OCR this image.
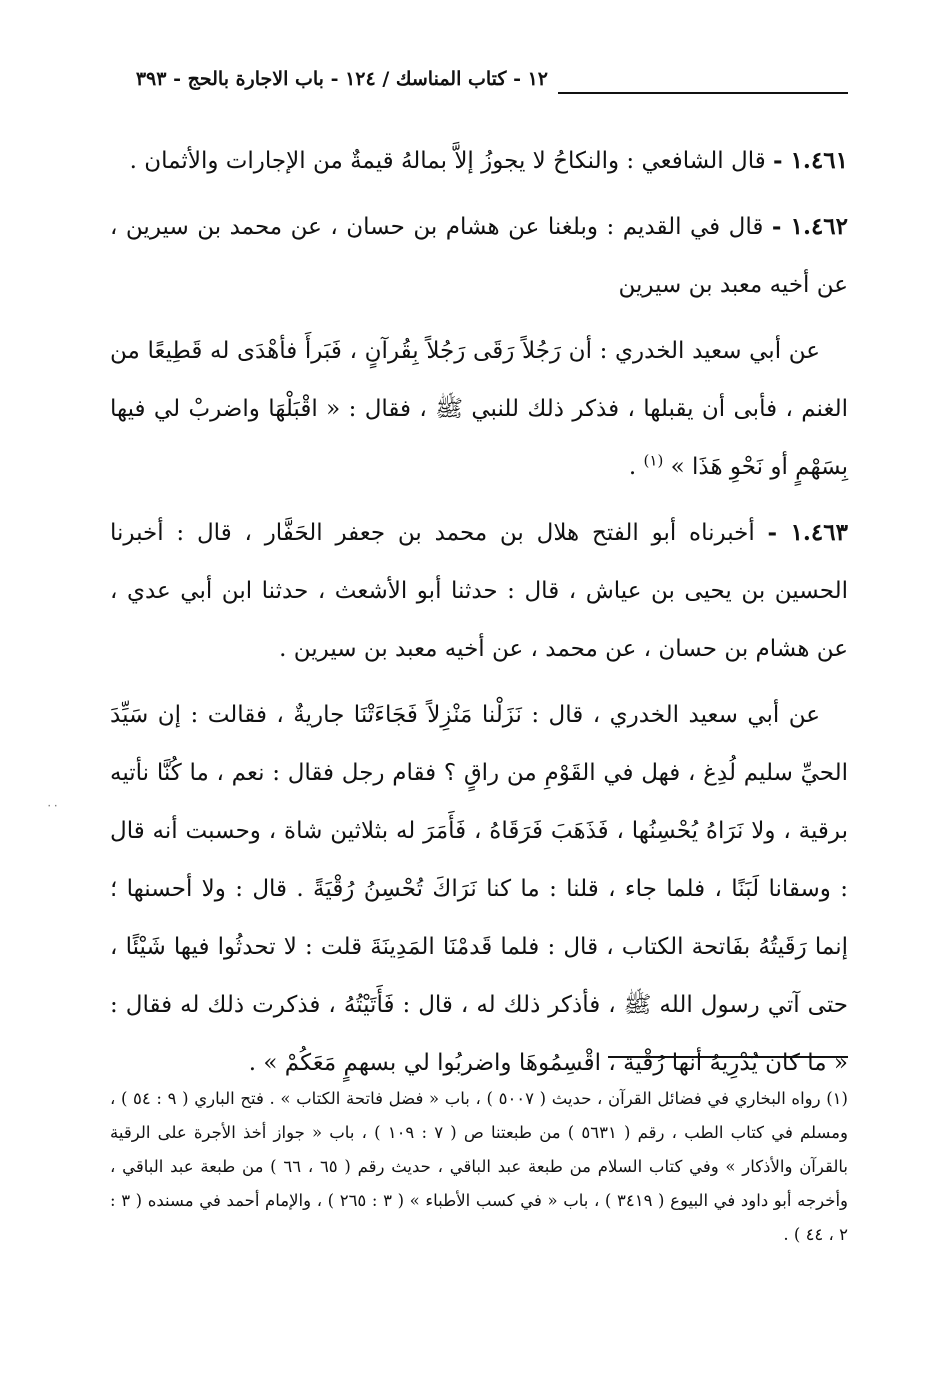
١٢ - كتاب المناسك / ١٢٤ - باب الاجارة بالحج - ٣٩٣

١.٤٦١ - قال الشافعي : والنكاحُ لا يجوزُ إلاَّ بمالهُ قيمةٌ من الإجارات والأثمان .

١.٤٦٢ - قال في القديم : وبلغنا عن هشام بن حسان ، عن محمد بن سيرين ، عن أخيه معبد بن سيرين

عن أبي سعيد الخدري : أن رَجُلاً رَقَى رَجُلاً بِقُرآنٍ ، فَبَرأَ فأهْدَى له قَطِيعًا من الغنم ، فأبى أن يقبلها ، فذكر ذلك للنبي ﷺ ، فقال : « اقْبَلْهَا واضربْ لي فيها بِسَهْمٍ أو نَحْوِ هَذَا » $^{(١)}$ .

١.٤٦٣ - أخبرناه أبو الفتح هلال بن محمد بن جعفر الحَفَّار ، قال : أخبرنا الحسين بن يحيى بن عياش ، قال : حدثنا أبو الأشعث ، حدثنا ابن أبي عدي ، عن هشام بن حسان ، عن محمد ، عن أخيه معبد بن سيرين .

عن أبي سعيد الخدري ، قال : نَزَلْنا مَنْزِلاً فَجَاءَتْنَا جاريةٌ ، فقالت : إن سَيِّدَ الحيِّ سليم لُدِغ ، فهل في القَوْمِ من راقٍ ؟ فقام رجل فقال : نعم ، ما كُنَّا نأتيه برقية ، ولا نَرَاهُ يُحْسِنُها ، فَذَهَبَ فَرَقَاهُ ، فَأَمَرَ له بثلاثين شاة ، وحسبت أنه قال : وسقانا لَبَنًا ، فلما جاء ، قلنا : ما كنا نَرَاكَ تُحْسِنُ رُقْيَةً . قال : ولا أحسنها ؛ إنما رَقَيتُهُ بفَاتحة الكتاب ، قال : فلما قَدمْنَا المَدِينَةَ قلت : لا تحدثُوا فيها شَيْئًا ، حتى آتي رسول الله ﷺ ، فأذكر ذلك له ، قال : فَأَتَيْتُهُ ، فذكرت ذلك له فقال : « ما كان يُدْرِيهُ أنها رُقْية ، اقْسِمُوهَا واضربُوا لي بسهمٍ مَعَكُمْ » .

٠٠

(١) رواه البخاري في فضائل القرآن ، حديث ( ٥٠٠٧ ) ، باب « فضل فاتحة الكتاب » . فتح الباري ( ٩ : ٥٤ ) ، ومسلم في كتاب الطب ، رقم ( ٥٦٣١ ) من طبعتنا ص ( ٧ : ١٠٩ ) ، باب « جواز أخذ الأجرة على الرقية بالقرآن والأذكار » وفي كتاب السلام من طبعة عبد الباقي ، حديث رقم ( ٦٥ ، ٦٦ ) من طبعة عبد الباقي ، وأخرجه أبو داود في البيوع ( ٣٤١٩ ) ، باب « في كسب الأطباء » ( ٣ : ٢٦٥ ) ، والإمام أحمد في مسنده ( ٣ : ٢ ، ٤٤ ) .
